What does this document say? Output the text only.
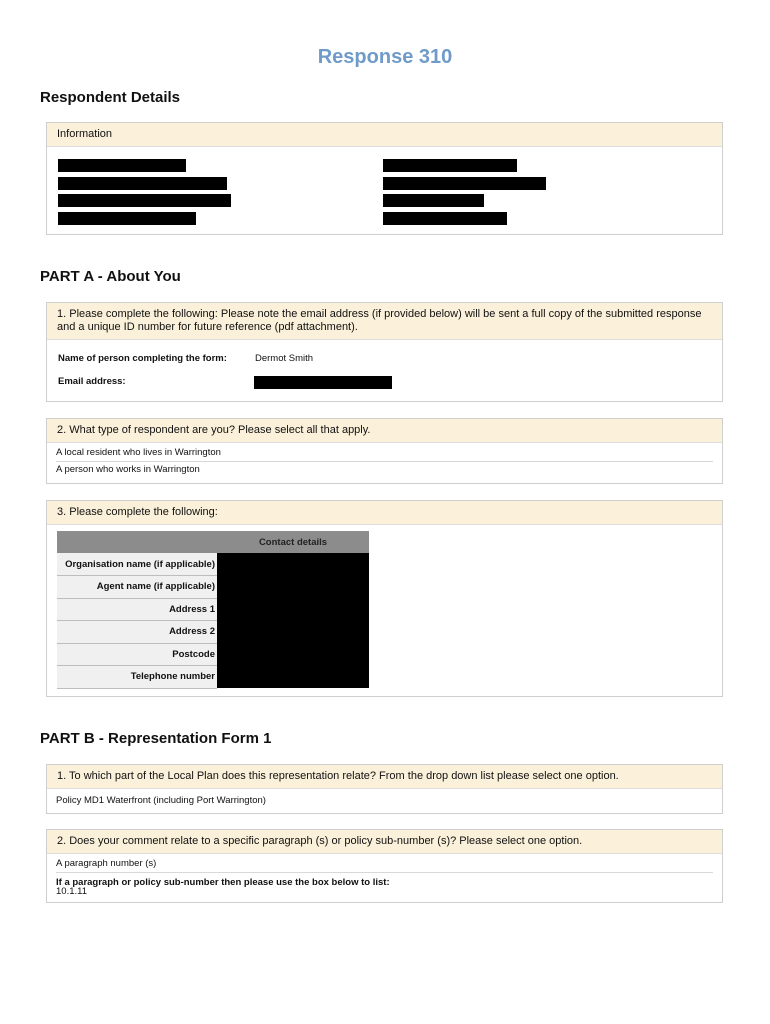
Response 310
Respondent Details
Information
PART A - About You
1. Please complete the following: Please note the email address (if provided below) will be sent a full copy of the submitted response and a unique ID number for future reference (pdf attachment).
Name of person completing the form:	Dermot Smith
Email address:
2. What type of respondent are you? Please select all that apply.
A local resident who lives in Warrington
A person who works in Warrington
3. Please complete the following:
	Contact details
Organisation name (if applicable)	
Agent name (if applicable)	
Address 1	
Address 2	
Postcode	
Telephone number	
PART B - Representation Form 1
1. To which part of the Local Plan does this representation relate? From the drop down list please select one option.
Policy MD1 Waterfront (including Port Warrington)
2. Does your comment relate to a specific paragraph (s) or policy sub-number (s)? Please select one option.
A paragraph number (s)
If a paragraph or policy sub-number then please use the box below to list:
10.1.11
